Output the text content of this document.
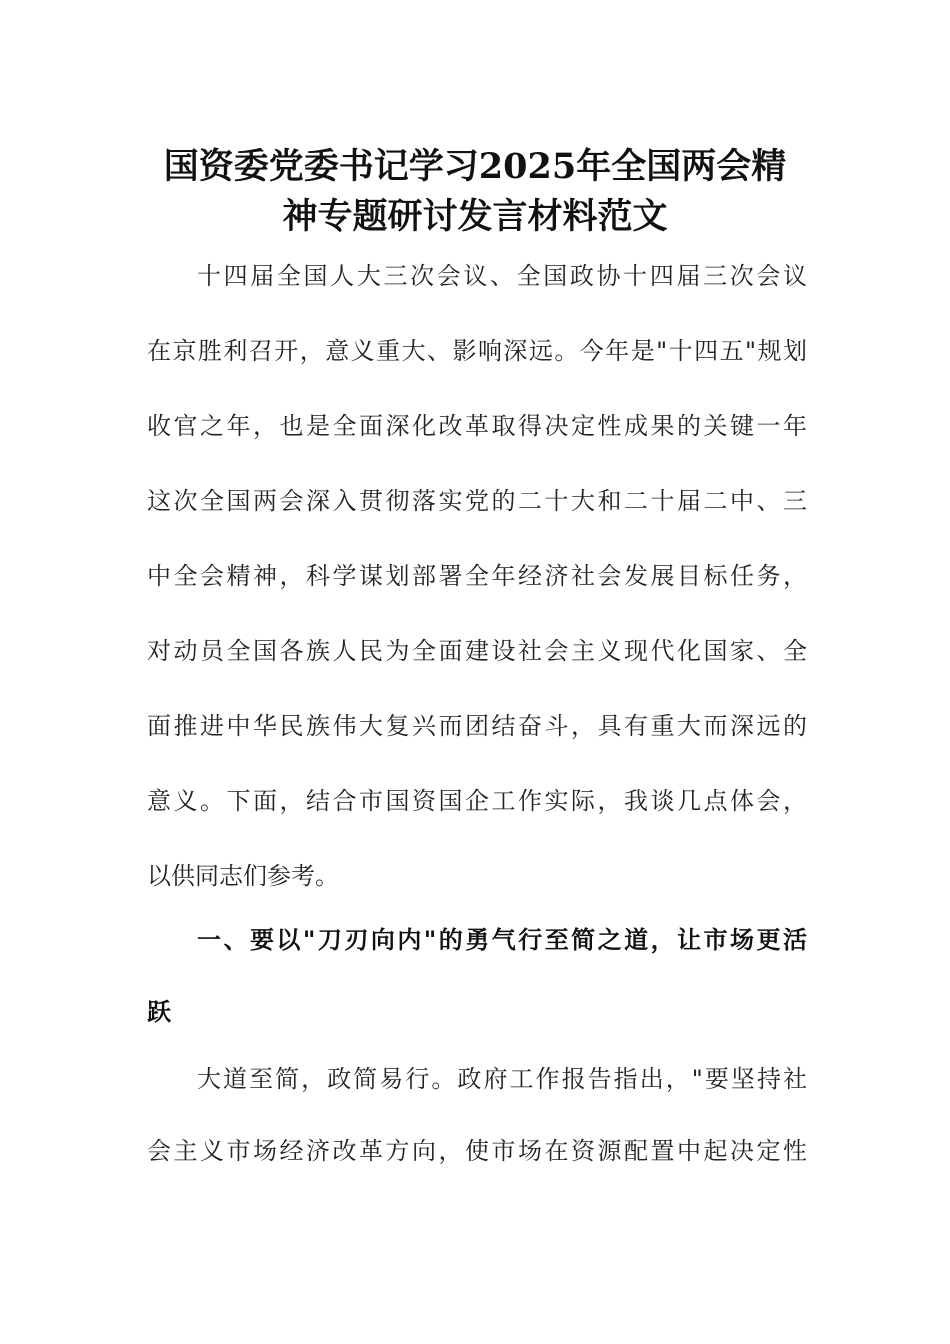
国资委党委书记学习2025年全国两会精
神专题研讨发言材料范文
十四届全国人大三次会议、全国政协十四届三次会议
在京胜利召开，意义重大、影响深远。今年是"十四五"规划
收官之年，也是全面深化改革取得决定性成果的关键一年
这次全国两会深入贯彻落实党的二十大和二十届二中、三
中全会精神，科学谋划部署全年经济社会发展目标任务，
对动员全国各族人民为全面建设社会主义现代化国家、全
面推进中华民族伟大复兴而团结奋斗，具有重大而深远的
意义。下面，结合市国资国企工作实际，我谈几点体会，
以供同志们参考。
一、要以"刀刃向内"的勇气行至简之道，让市场更活
跃
大道至简，政简易行。政府工作报告指出，"要坚持社
会主义市场经济改革方向，使市场在资源配置中起决定性
